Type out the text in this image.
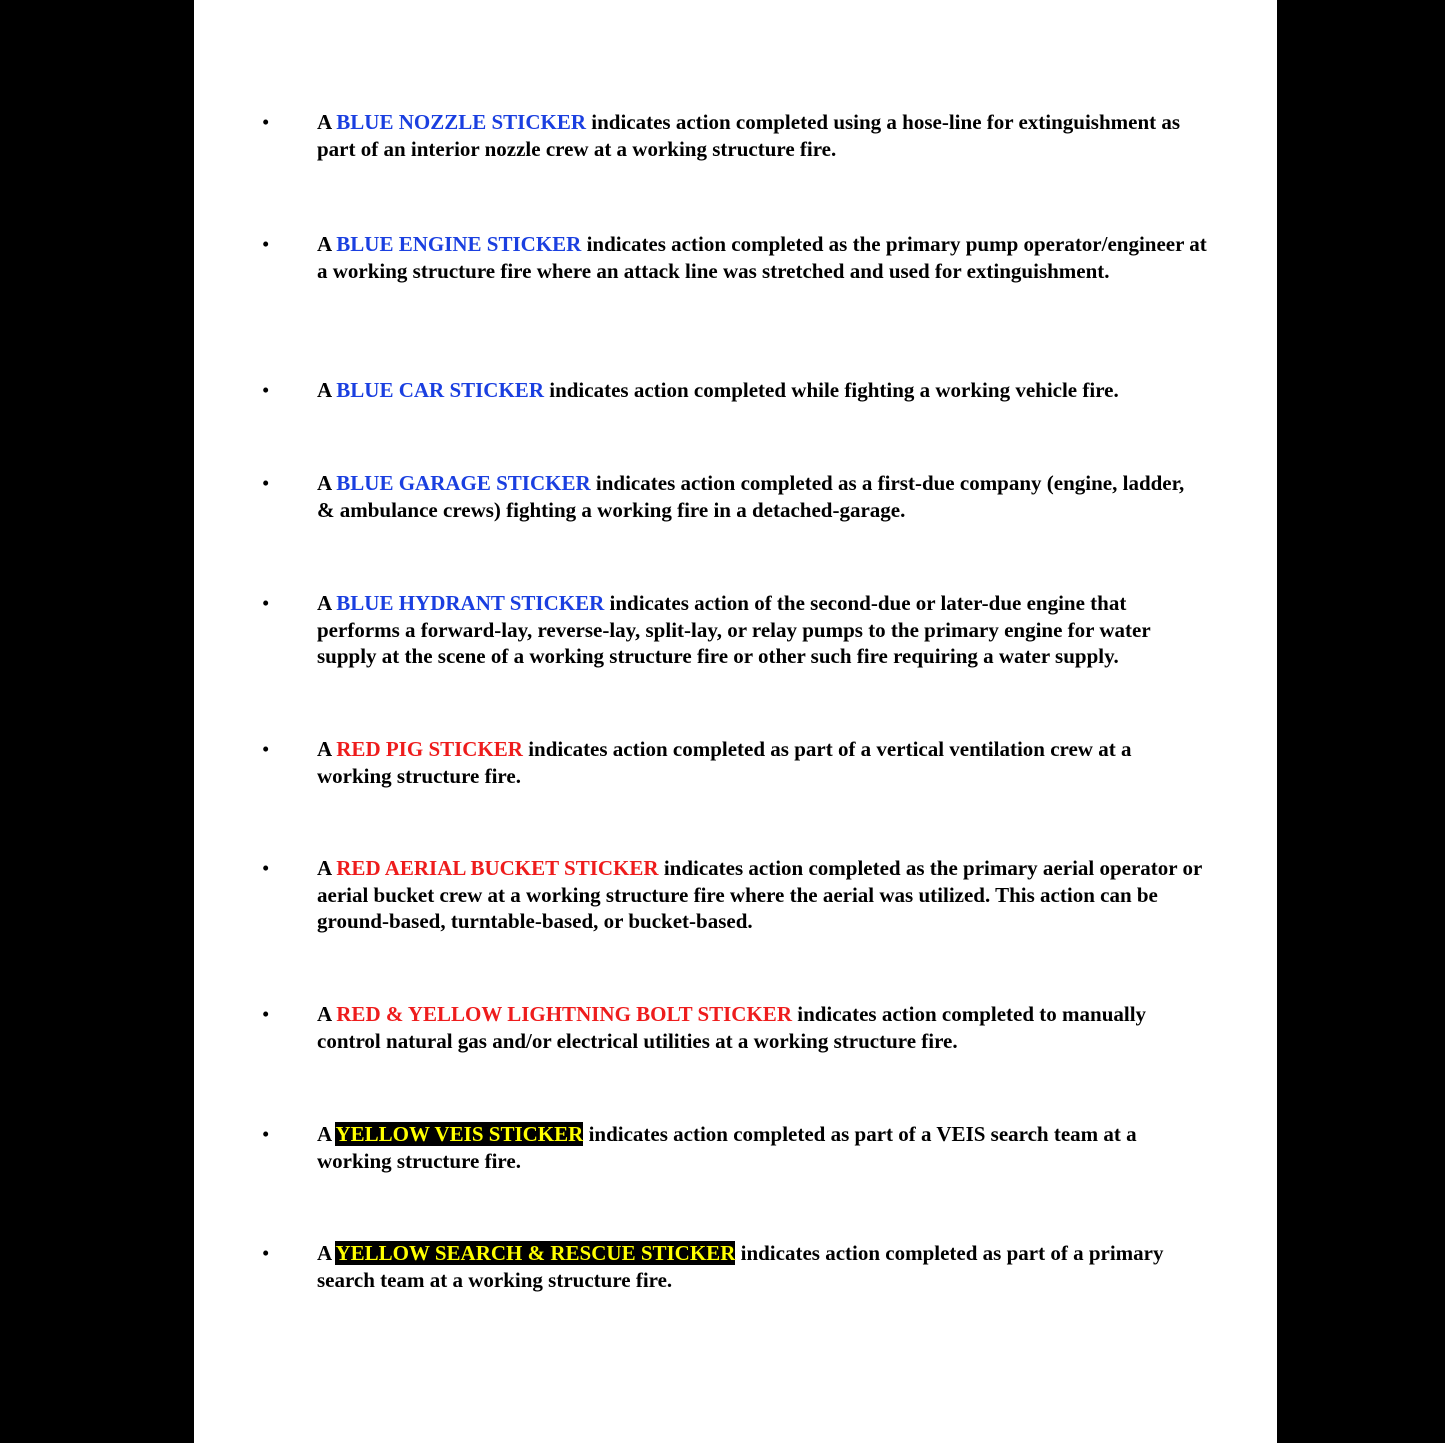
• A BLUE NOZZLE STICKER indicates action completed using a hose-line for extinguishment as part of an interior nozzle crew at a working structure fire.
• A BLUE ENGINE STICKER indicates action completed as the primary pump operator/engineer at a working structure fire where an attack line was stretched and used for extinguishment.
• A BLUE CAR STICKER indicates action completed while fighting a working vehicle fire.
• A BLUE GARAGE STICKER indicates action completed as a first-due company (engine, ladder, & ambulance crews) fighting a working fire in a detached-garage.
• A BLUE HYDRANT STICKER indicates action of the second-due or later-due engine that performs a forward-lay, reverse-lay, split-lay, or relay pumps to the primary engine for water supply at the scene of a working structure fire or other such fire requiring a water supply.
• A RED PIG STICKER indicates action completed as part of a vertical ventilation crew at a working structure fire.
• A RED AERIAL BUCKET STICKER indicates action completed as the primary aerial operator or aerial bucket crew at a working structure fire where the aerial was utilized. This action can be ground-based, turntable-based, or bucket-based.
• A RED & YELLOW LIGHTNING BOLT STICKER indicates action completed to manually control natural gas and/or electrical utilities at a working structure fire.
• A YELLOW VEIS STICKER indicates action completed as part of a VEIS search team at a working structure fire.
• A YELLOW SEARCH & RESCUE STICKER indicates action completed as part of a primary search team at a working structure fire.
